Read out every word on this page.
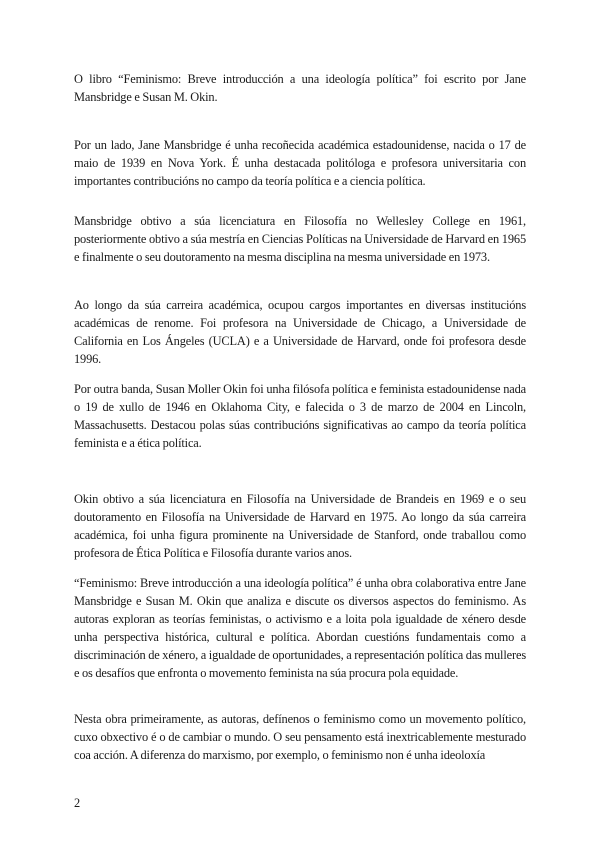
O libro “Feminismo: Breve introducción a una ideología política” foi escrito por Jane Mansbridge e Susan M. Okin.

Por un lado, Jane Mansbridge é unha recoñecida académica estadounidense, nacida o 17 de maio de 1939 en Nova York. É unha destacada politóloga e profesora universitaria con importantes contribucións no campo da teoría política e a ciencia política.

Mansbridge obtivo a súa licenciatura en Filosofía no Wellesley College en 1961, posteriormente obtivo a súa mestría en Ciencias Políticas na Universidade de Harvard en 1965 e finalmente o seu doutoramento na mesma disciplina na mesma universidade en 1973.

Ao longo da súa carreira académica, ocupou cargos importantes en diversas institucións académicas de renome. Foi profesora na Universidade de Chicago, a Universidade de California en Los Ángeles (UCLA) e a Universidade de Harvard, onde foi profesora desde 1996.

Por outra banda, Susan Moller Okin foi unha filósofa política e feminista estadounidense nada o 19 de xullo de 1946 en Oklahoma City, e falecida o 3 de marzo de 2004 en Lincoln, Massachusetts. Destacou polas súas contribucións significativas ao campo da teoría política feminista e a ética política.

Okin obtivo a súa licenciatura en Filosofía na Universidade de Brandeis en 1969 e o seu doutoramento en Filosofía na Universidade de Harvard en 1975. Ao longo da súa carreira académica, foi unha figura prominente na Universidade de Stanford, onde traballou como profesora de Ética Política e Filosofía durante varios anos.

“Feminismo: Breve introducción a una ideología política” é unha obra colaborativa entre Jane Mansbridge e Susan M. Okin que analiza e discute os diversos aspectos do feminismo. As autoras exploran as teorías feministas, o activismo e a loita pola igualdade de xénero desde unha perspectiva histórica, cultural e política. Abordan cuestións fundamentais como a discriminación de xénero, a igualdade de oportunidades, a representación política das mulleres e os desafíos que enfronta o movemento feminista na súa procura pola equidade.

Nesta obra primeiramente, as autoras, defínenos o feminismo como un movemento político, cuxo obxectivo é o de cambiar o mundo. O seu pensamento está inextricablemente mesturado coa acción. A diferenza do marxismo, por exemplo, o feminismo non é unha ideoloxía

2
